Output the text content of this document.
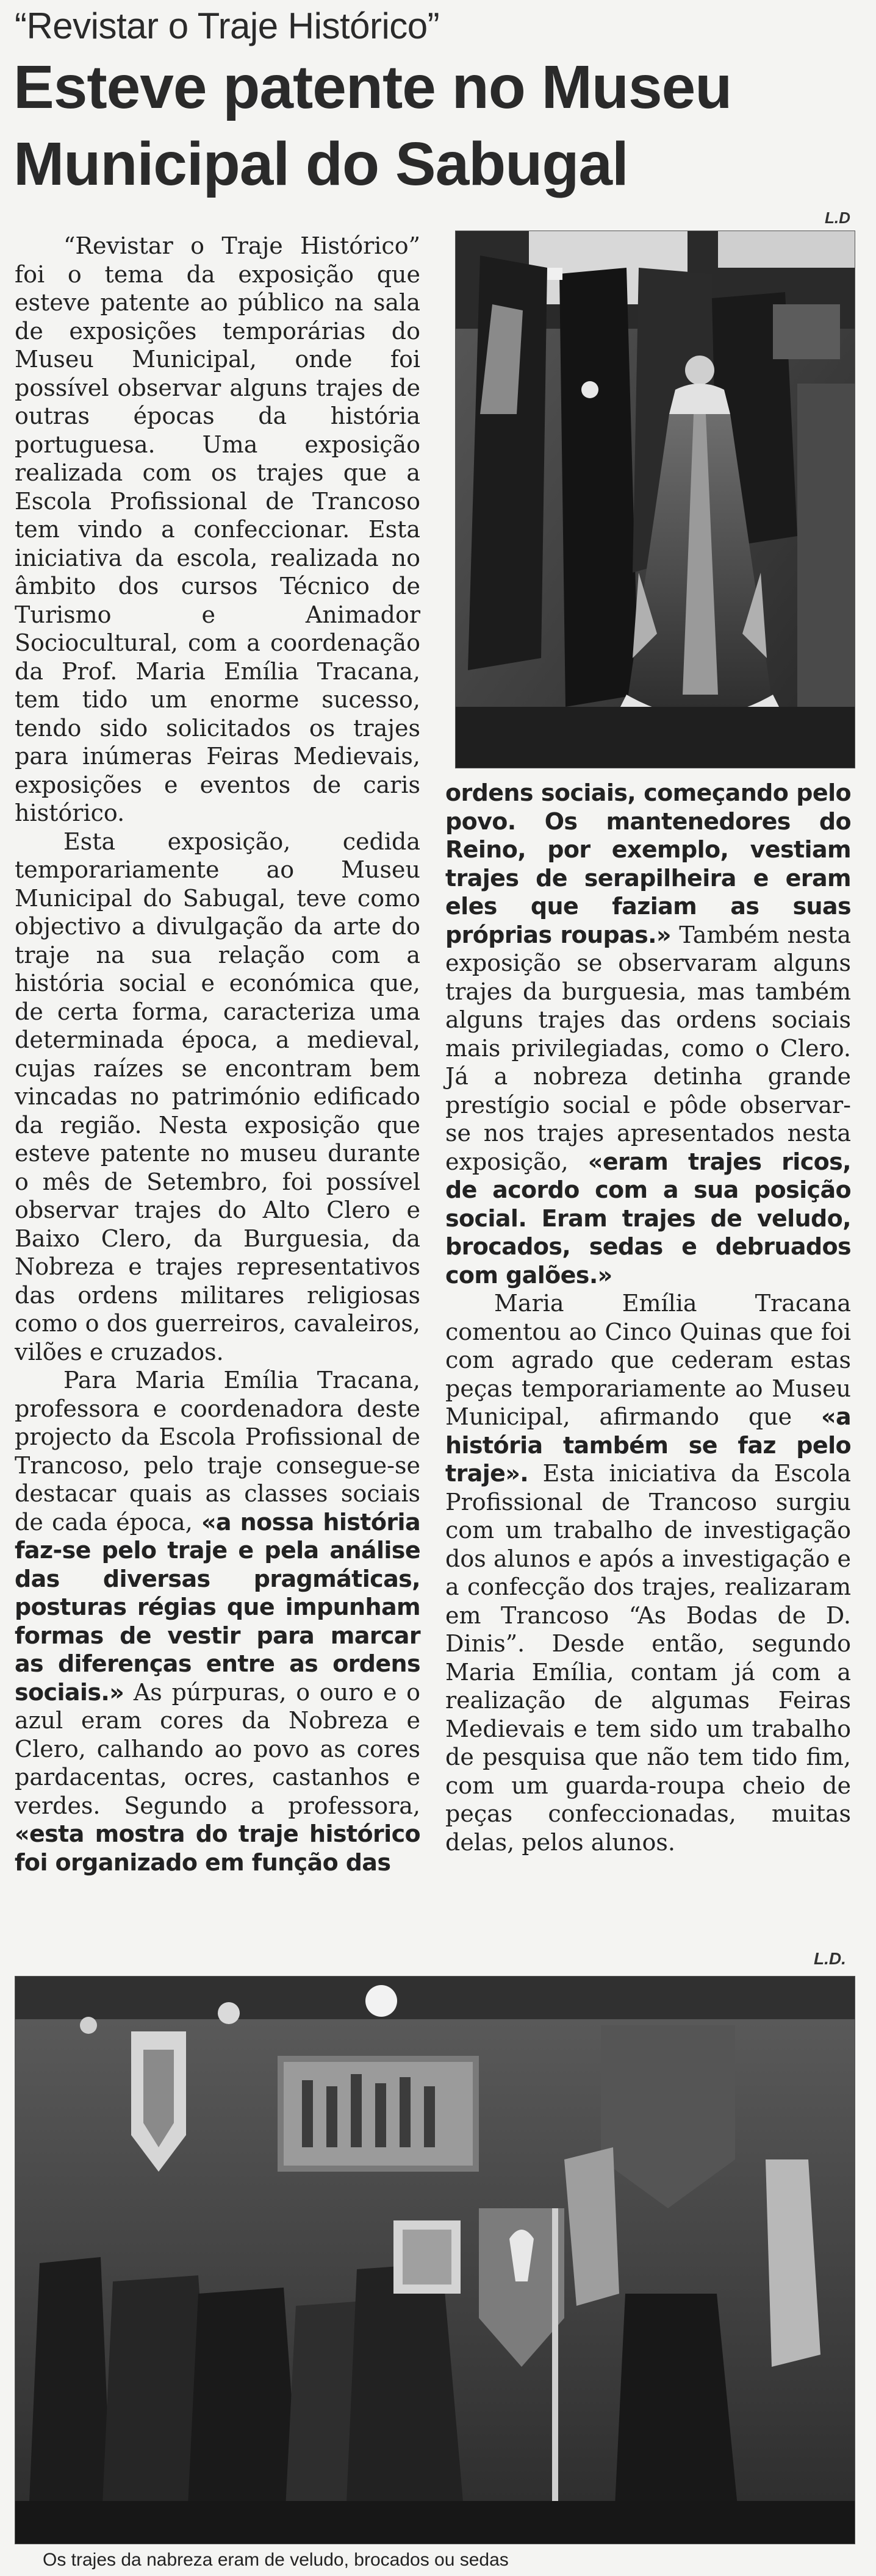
“Revistar o Traje Histórico”
Esteve patente no Museu
Municipal do Sabugal
L.D

“Revistar o Traje Histórico” foi o tema da exposição que esteve patente ao público na sala de exposições temporárias do Museu Municipal, onde foi possível observar alguns trajes de outras épocas da história portuguesa. Uma exposição realizada com os trajes que a Escola Profissional de Trancoso tem vindo a confeccionar. Esta iniciativa da escola, realizada no âmbito dos cursos Técnico de Turismo e Animador Sociocultural, com a coordenação da Prof. Maria Emília Tracana, tem tido um enorme sucesso, tendo sido solicitados os trajes para inúmeras Feiras Medievais, exposições e eventos de caris histórico.

Esta exposição, cedida temporariamente ao Museu Municipal do Sabugal, teve como objectivo a divulgação da arte do traje na sua relação com a história social e económica que, de certa forma, caracteriza uma determinada época, a medieval, cujas raízes se encontram bem vincadas no património edificado da região. Nesta exposição que esteve patente no museu durante o mês de Setembro, foi possível observar trajes do Alto Clero e Baixo Clero, da Burguesia, da Nobreza e trajes representativos das ordens militares religiosas como o dos guerreiros, cavaleiros, vilões e cruzados.

Para Maria Emília Tracana, professora e coordenadora deste projecto da Escola Profissional de Trancoso, pelo traje consegue-se destacar quais as classes sociais de cada época, «a nossa história faz-se pelo traje e pela análise das diversas pragmáticas, posturas régias que impunham formas de vestir para marcar as diferenças entre as ordens sociais.» As púrpuras, o ouro e o azul eram cores da Nobreza e Clero, calhando ao povo as cores pardacentas, ocres, castanhos e verdes. Segundo a professora, «esta mostra do traje histórico foi organizado em função das

ordens sociais, começando pelo povo. Os mantenedores do Reino, por exemplo, vestiam trajes de serapilheira e eram eles que faziam as suas próprias roupas.» Também nesta exposição se observaram alguns trajes da burguesia, mas também alguns trajes das ordens sociais mais privilegiadas, como o Clero. Já a nobreza detinha grande prestígio social e pôde observar-se nos trajes apresentados nesta exposição, «eram trajes ricos, de acordo com a sua posição social. Eram trajes de veludo, brocados, sedas e debruados com galões.»

Maria Emília Tracana comentou ao Cinco Quinas que foi com agrado que cederam estas peças temporariamente ao Museu Municipal, afirmando que «a história também se faz pelo traje». Esta iniciativa da Escola Profissional de Trancoso surgiu com um trabalho de investigação dos alunos e após a investigação e a confecção dos trajes, realizaram em Trancoso “As Bodas de D. Dinis”. Desde então, segundo Maria Emília, contam já com a realização de algumas Feiras Medievais e tem sido um trabalho de pesquisa que não tem tido fim, com um guarda-roupa cheio de peças confeccionadas, muitas delas, pelos alunos.

L.D.
Os trajes da nabreza eram de veludo, brocados ou sedas
